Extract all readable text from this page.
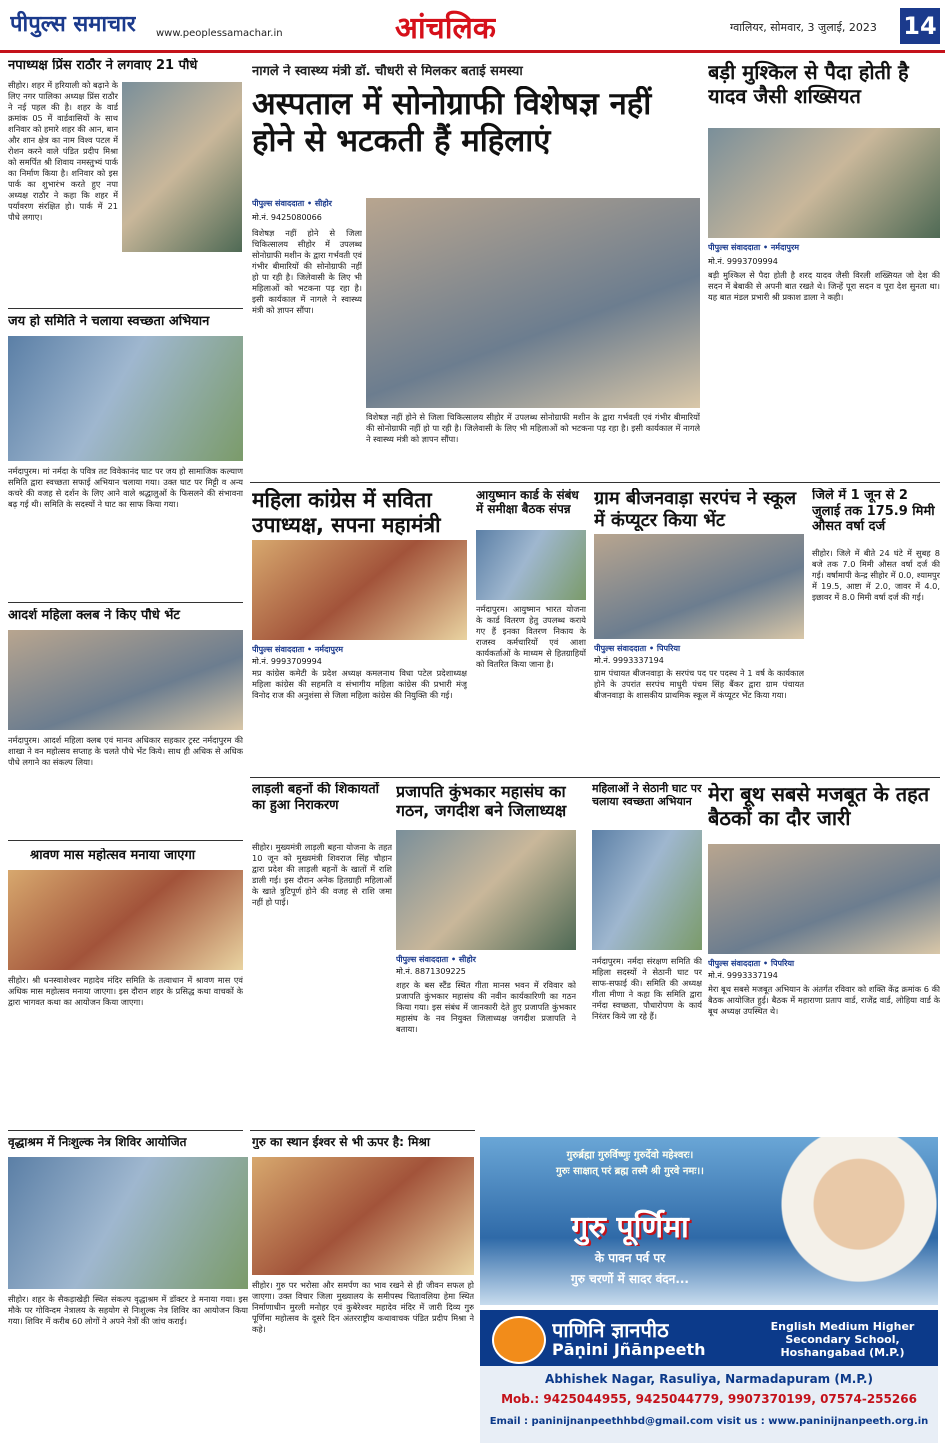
पीपुल्स समाचार www.peoplessamachar.in	आंचलिक	ग्वालियर, सोमवार, 3 जुलाई, 2023 14
नपाध्यक्ष प्रिंस राठौर ने लगवाए 21 पौधे
सीहोर। शहर में हरियाली को बढ़ाने के लिए नगर पालिका अध्यक्ष प्रिंस राठौर ने नई पहल की है। शहर के वार्ड क्रमांक 05 में वार्डवासियों के साथ शनिवार को हमारे शहर की आन, बान और शान क्षेत्र का नाम विश्व पटल में रोशन करने वाले पंडित प्रदीप मिश्रा को समर्पित श्री शिवाय नमस्तुभ्यं पार्क का निर्माण किया है। शनिवार को इस पार्क का शुभारंभ करते हुए नपा अध्यक्ष राठौर ने कहा कि शहर में पर्यावरण संरक्षित हो। पार्क में 21 पौधे लगाए।
जय हो समिति ने चलाया स्वच्छता अभियान
नर्मदापुरम। मां नर्मदा के पवित्र तट विवेकानंद घाट पर जय हो सामाजिक कल्याण समिति द्वारा स्वच्छता सफाई अभियान चलाया गया। उक्त घाट पर मिट्टी व अन्य कचरे की वजह से दर्शन के लिए आने वाले श्रद्धालुओं के फिसलने की संभावना बढ़ गई थी। समिति के सदस्यों ने घाट का साफ किया गया।
आदर्श महिला क्लब ने किए पौधे भेंट
नर्मदापुरम। आदर्श महिला क्लब एवं मानव अधिकार सहकार ट्रस्ट नर्मदापुरम की शाखा ने वन महोत्सव सप्ताह के चलते पौधे भेंट किये। साथ ही अधिक से अधिक पौधे लगाने का संकल्प लिया।
श्रावण मास महोत्सव मनाया जाएगा
सीहोर। श्री धनस्वाशेश्वर महादेव मंदिर समिति के तत्वाधान में श्रावण मास एवं अधिक मास महोत्सव मनाया जाएगा। इस दौरान शहर के प्रसिद्ध कथा वाचकों के द्वारा भागवत कथा का आयोजन किया जाएगा।
वृद्धाश्रम में निःशुल्क नेत्र शिविर आयोजित
सीहोर। शहर के सैकड़ाखेड़ी स्थित संकल्प वृद्धाश्रम में डॉक्टर डे मनाया गया। इस मौके पर गोविन्दम नेत्रालय के सहयोग से निःशुल्क नेत्र शिविर का आयोजन किया गया। शिविर में करीब 60 लोगों ने अपने नेत्रों की जांच कराई।
नागले ने स्वास्थ्य मंत्री डॉ. चौधरी से मिलकर बताई समस्या
अस्पताल में सोनोग्राफी विशेषज्ञ नहीं होने से भटकती हैं महिलाएं
पीपुल्स संवाददाता • सीहोर
मो.नं. 9425080066
विशेषज्ञ नहीं होने से जिला चिकित्सालय सीहोर में उपलब्ध सोनोग्राफी मशीन के द्वारा गर्भवती एवं गंभीर बीमारियों की सोनोग्राफी नहीं हो पा रही है। जिलेवासी के लिए भी महिलाओं को भटकना पड़ रहा है। इसी कार्यकाल में नागले ने स्वास्थ्य मंत्री को ज्ञापन सौंपा।
विशेषज्ञ नहीं होने से जिला चिकित्सालय सीहोर में उपलब्ध सोनोग्राफी मशीन के द्वारा गर्भवती एवं गंभीर बीमारियों की सोनोग्राफी नहीं हो पा रही है। जिलेवासी के लिए भी महिलाओं को भटकना पड़ रहा है। इसी कार्यकाल में नागले ने स्वास्थ्य मंत्री को ज्ञापन सौंपा।
बड़ी मुश्किल से पैदा होती है यादव जैसी शख्सियत
पीपुल्स संवाददाता • नर्मदापुरम
मो.नं. 9993709994
बड़ी मुश्किल से पैदा होती है शरद यादव जैसी विरली शख्सियत जो देश की सदन में बेबाकी से अपनी बात रखते थे। जिन्हें पूरा सदन व पूरा देश सुनता था। यह बात मंडल प्रभारी श्री प्रकाश डाला ने कही।
महिला कांग्रेस में सविता उपाध्यक्ष, सपना महामंत्री
पीपुल्स संवाददाता • नर्मदापुरम
मो.नं. 9993709994
मप्र कांग्रेस कमेटी के प्रदेश अध्यक्ष कमलनाथ विधा पटेल प्रदेशाध्यक्ष महिला कांग्रेस की सहमति व संभागीय महिला कांग्रेस की प्रभारी मंजू विनोद राज की अनुशंसा से जिला महिला कांग्रेस की नियुक्ति की गई।
आयुष्मान कार्ड के संबंध में समीक्षा बैठक संपन्न
नर्मदापुरम। आयुष्मान भारत योजना के कार्ड वितरण हेतु उपलब्ध कराये गए हैं इनका वितरण निकाय के राजस्व कर्मचारियों एवं आशा कार्यकर्ताओं के माध्यम से हितग्राहियों को वितरित किया जाना है।
ग्राम बीजनवाड़ा सरपंच ने स्कूल में कंप्यूटर किया भेंट
पीपुल्स संवाददाता • पिपरिया
मो.नं. 9993337194
ग्राम पंचायत बीजनवाड़ा के सरपंच पद पर पदस्थ ने 1 वर्ष के कार्यकाल होने के उपरांत सरपंच माधुरी पंचम सिंह बैंकर द्वारा ग्राम पंचायत बीजनवाड़ा के शासकीय प्राथमिक स्कूल में कंप्यूटर भेंट किया गया।
जिले में 1 जून से 2 जुलाई तक 175.9 मिमी औसत वर्षा दर्ज
सीहोर। जिले में बीते 24 घंटे में सुबह 8 बजे तक 7.0 मिमी औसत वर्षा दर्ज की गई। वर्षामापी केन्द्र सीहोर में 0.0, श्यामपुर में 19.5, आष्टा में 2.0, जावर में 4.0, इछावर में 8.0 मिमी वर्षा दर्ज की गई।
लाड़ली बहनों की शिकायतों का हुआ निराकरण
सीहोर। मुख्यमंत्री लाड़ली बहना योजना के तहत 10 जून को मुख्यमंत्री शिवराज सिंह चौहान द्वारा प्रदेश की लाड़ली बहनों के खातों में राशि डाली गई। इस दौरान अनेक हितग्राही महिलाओं के खाते त्रुटिपूर्ण होने की वजह से राशि जमा नहीं हो पाई।
प्रजापति कुंभकार महासंघ का गठन, जगदीश बने जिलाध्यक्ष
पीपुल्स संवाददाता • सीहोर
मो.नं. 8871309225
शहर के बस स्टैंड स्थित गीता मानस भवन में रविवार को प्रजापति कुंभकार महासंघ की नवीन कार्यकारिणी का गठन किया गया। इस संबंध में जानकारी देते हुए प्रजापति कुंभकार महासंघ के नव नियुक्त जिलाध्यक्ष जगदीश प्रजापति ने बताया।
महिलाओं ने सेठानी घाट पर चलाया स्वच्छता अभियान
नर्मदापुरम। नर्मदा संरक्षण समिति की महिला सदस्यों ने सेठानी घाट पर साफ-सफाई की। समिति की अध्यक्ष गीता मीणा ने कहा कि समिति द्वारा नर्मदा स्वच्छता, पौधारोपण के कार्य निरंतर किये जा रहे हैं।
मेरा बूथ सबसे मजबूत के तहत बैठकों का दौर जारी
पीपुल्स संवाददाता • पिपरिया
मो.नं. 9993337194
मेरा बूथ सबसे मजबूत अभियान के अंतर्गत रविवार को शक्ति केंद्र क्रमांक 6 की बैठक आयोजित हुई। बैठक में महाराणा प्रताप वार्ड, राजेंद्र वार्ड, लोहिया वार्ड के बूथ अध्यक्ष उपस्थित थे।
गुरु का स्थान ईश्वर से भी ऊपर है: मिश्रा
सीहोर। गुरु पर भरोसा और समर्पण का भाव रखने से ही जीवन सफल हो जाएगा। उक्त विचार जिला मुख्यालय के समीपस्थ चितावलिया हेमा स्थित निर्माणाधीन मुरली मनोहर एवं कुबेरेश्वर महादेव मंदिर में जारी दिव्य गुरु पूर्णिमा महोत्सव के दूसरे दिन अंतरराष्ट्रीय कथावाचक पंडित प्रदीप मिश्रा ने कहे।
गुरुर्ब्रह्मा गुरुर्विष्णुः गुरुर्देवो महेश्वरः।
गुरुः साक्षात् परं ब्रह्म तस्मै श्री गुरवे नमः।।
गुरु पूर्णिमा
के पावन पर्व पर
गुरु चरणों में सादर वंदन...
पाणिनि ज्ञानपीठ
Pāṇini Jñānpeeth
English Medium Higher Secondary School, Hoshangabad (M.P.)
Abhishek Nagar, Rasuliya, Narmadapuram (M.P.)
Mob.: 9425044955, 9425044779, 9907370199, 07574-255266
Email : paninijnanpeethhbd@gmail.com visit us : www.paninijnanpeeth.org.in
